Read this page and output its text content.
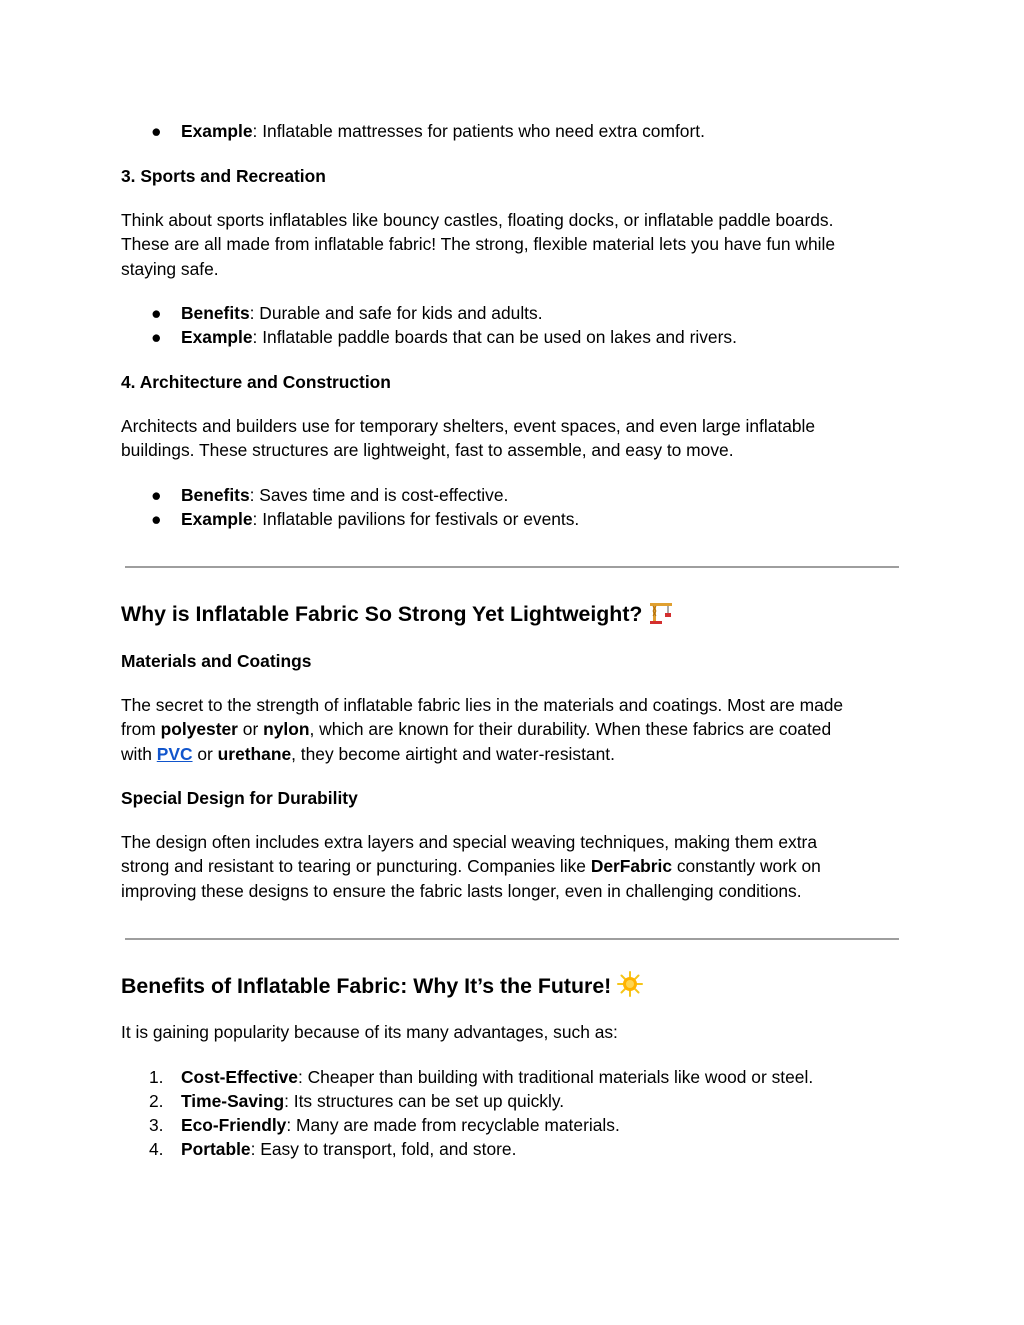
●	Example: Inflatable mattresses for patients who need extra comfort.
3. Sports and Recreation
Think about sports inflatables like bouncy castles, floating docks, or inflatable paddle boards.
These are all made from inflatable fabric! The strong, flexible material lets you have fun while
staying safe.
●	Benefits: Durable and safe for kids and adults.
●	Example: Inflatable paddle boards that can be used on lakes and rivers.
4. Architecture and Construction
Architects and builders use for temporary shelters, event spaces, and even large inflatable
buildings. These structures are lightweight, fast to assemble, and easy to move.
●	Benefits: Saves time and is cost-effective.
●	Example: Inflatable pavilions for festivals or events.
Why is Inflatable Fabric So Strong Yet Lightweight?
Materials and Coatings
The secret to the strength of inflatable fabric lies in the materials and coatings. Most are made
from polyester or nylon, which are known for their durability. When these fabrics are coated
with PVC or urethane, they become airtight and water-resistant.
Special Design for Durability
The design often includes extra layers and special weaving techniques, making them extra
strong and resistant to tearing or puncturing. Companies like DerFabric constantly work on
improving these designs to ensure the fabric lasts longer, even in challenging conditions.
Benefits of Inflatable Fabric: Why It’s the Future!
It is gaining popularity because of its many advantages, such as:
1.	Cost-Effective: Cheaper than building with traditional materials like wood or steel.
2.	Time-Saving: Its structures can be set up quickly.
3.	Eco-Friendly: Many are made from recyclable materials.
4.	Portable: Easy to transport, fold, and store.
